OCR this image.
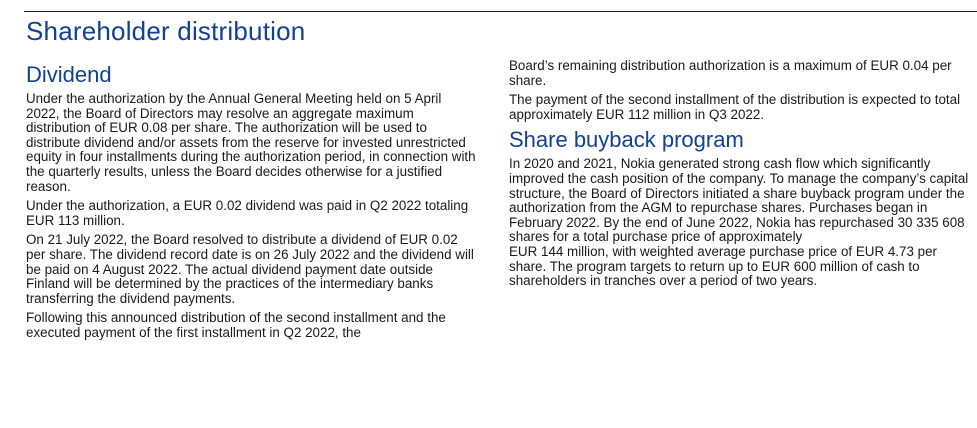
Shareholder distribution
Dividend

Under the authorization by the Annual General Meeting held on 5 April 2022, the Board of Directors may resolve an aggregate maximum distribution of EUR 0.08 per share. The authorization will be used to distribute dividend and/or assets from the reserve for invested unrestricted equity in four installments during the authorization period, in connection with the quarterly results, unless the Board decides otherwise for a justified reason.

Under the authorization, a EUR 0.02 dividend was paid in Q2 2022 totaling EUR 113 million.

On 21 July 2022, the Board resolved to distribute a dividend of EUR 0.02 per share. The dividend record date is on 26 July 2022 and the dividend will be paid on 4 August 2022. The actual dividend payment date outside Finland will be determined by the practices of the intermediary banks transferring the dividend payments.

Following this announced distribution of the second installment and the executed payment of the first installment in Q2 2022, the

Board’s remaining distribution authorization is a maximum of EUR 0.04 per share.

The payment of the second installment of the distribution is expected to total approximately EUR 112 million in Q3 2022.

Share buyback program

In 2020 and 2021, Nokia generated strong cash flow which significantly improved the cash position of the company. To manage the company’s capital structure, the Board of Directors initiated a share buyback program under the authorization from the AGM to repurchase shares. Purchases began in February 2022. By the end of June 2022, Nokia has repurchased 30 335 608 shares for a total purchase price of approximately
EUR 144 million, with weighted average purchase price of EUR 4.73 per share. The program targets to return up to EUR 600 million of cash to shareholders in tranches over a period of two years.
